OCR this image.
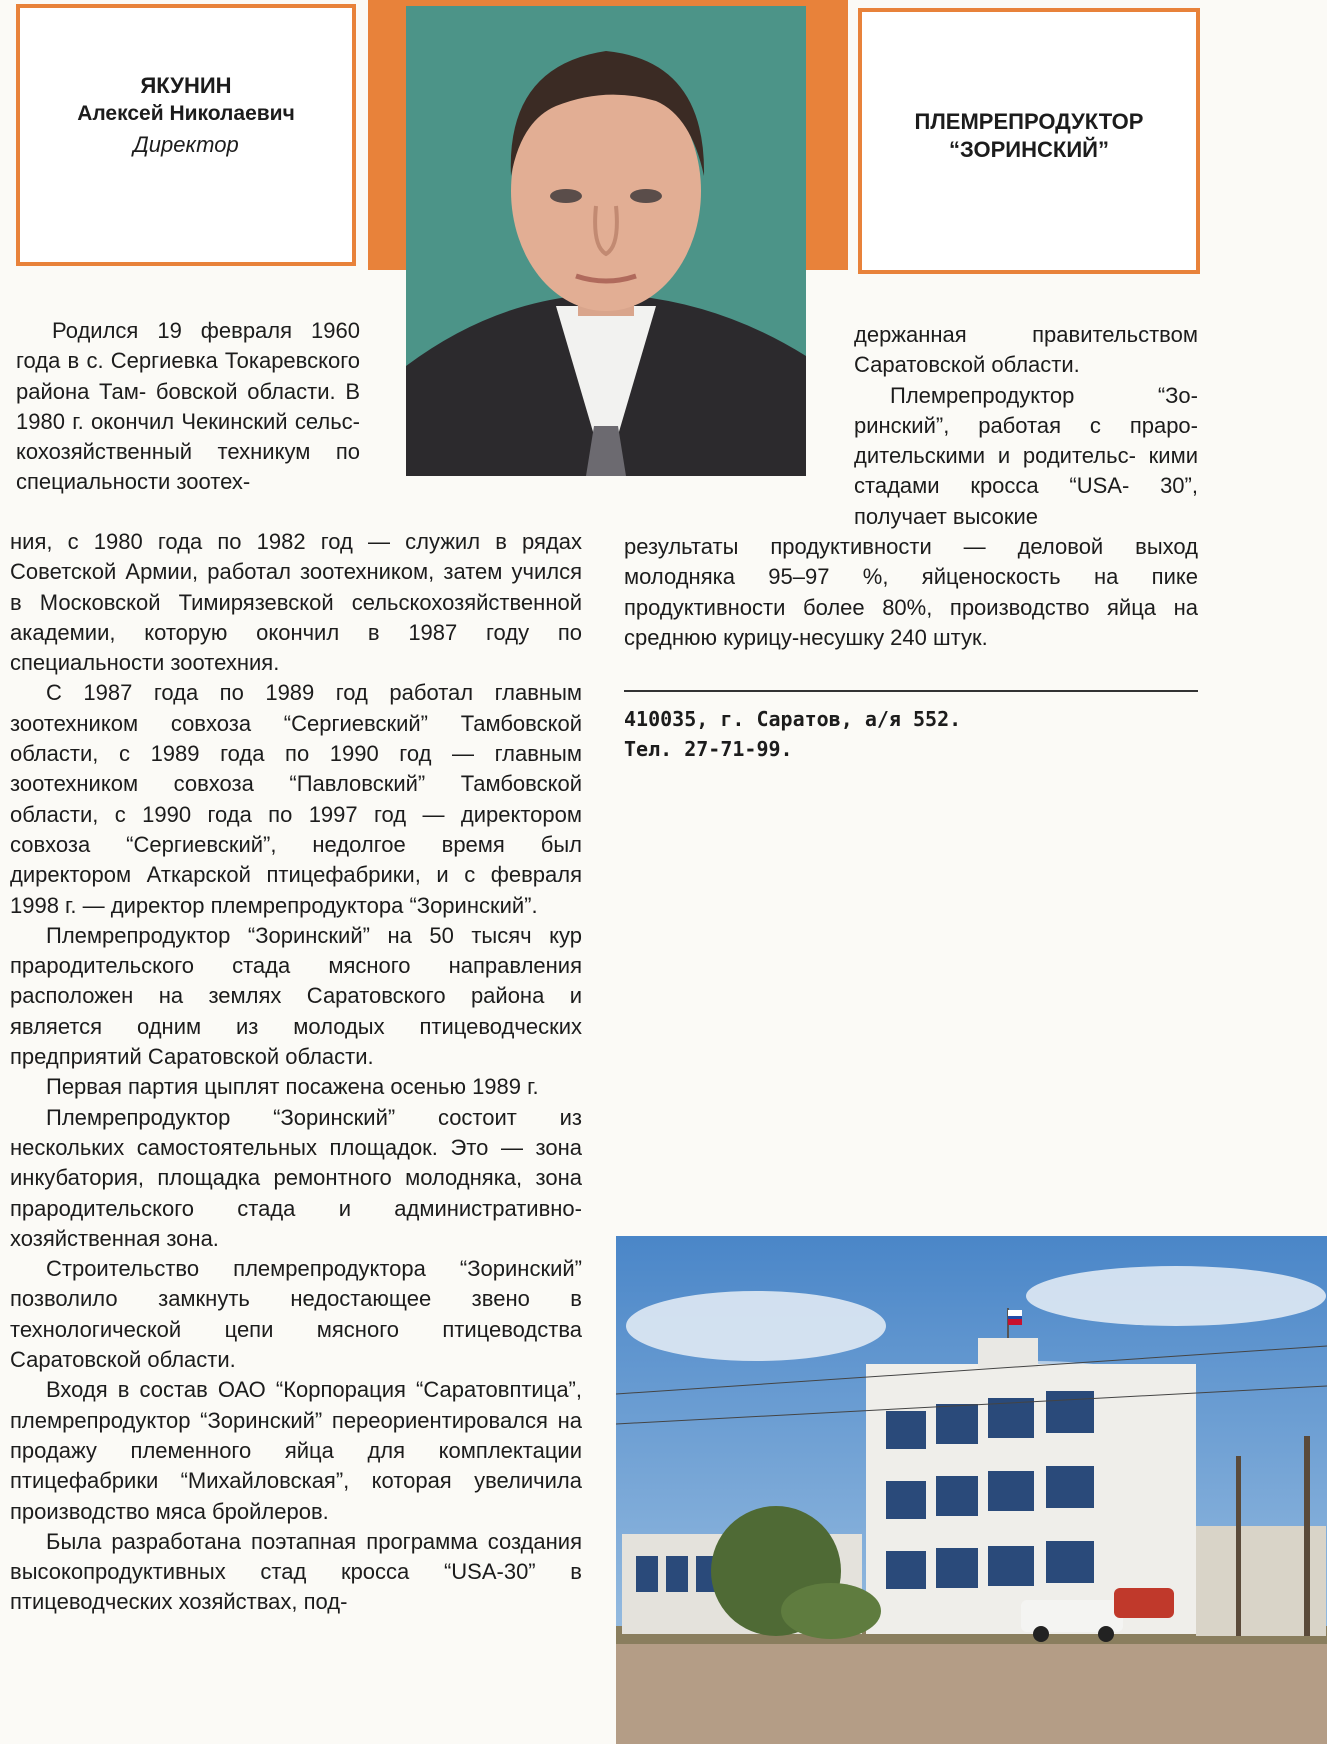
ЯКУНИН
Алексей Николаевич
Директор
ПЛЕМРЕПРОДУКТОР
“ЗОРИНСКИЙ”

Родился 19 февраля 1960 года в с. Сергиевка Токаревского района Там- бовской области. В 1980 г. окончил Чекинский сельс- кохозяйственный техникум по специальности зоотех-

ния, с 1980 года по 1982 год — служил в рядах Советской Армии, работал зоотехником, затем учился в Московской Тимирязевской сельскохозяйственной академии, которую окончил в 1987 году по специальности зоотехния.

С 1987 года по 1989 год работал главным зоотехником совхоза “Сергиевский” Тамбовской области, с 1989 года по 1990 год — главным зоотехником совхоза “Павловский” Тамбовской области, с 1990 года по 1997 год — директором совхоза “Сергиевский”, недолгое время был директором Аткарской птицефабрики, и с февраля 1998 г. — директор племрепродуктора “Зоринский”.

Племрепродуктор “Зоринский” на 50 тысяч кур прародительского стада мясного направления расположен на землях Саратовского района и является одним из молодых птицеводческих предприятий Саратовской области.

Первая партия цыплят посажена осенью 1989 г.

Племрепродуктор “Зоринский” состоит из нескольких самостоятельных площадок. Это — зона инкубатория, площадка ремонтного молодняка, зона прародительского стада и административно-хозяйственная зона.

Строительство племрепродуктора “Зоринский” позволило замкнуть недостающее звено в технологической цепи мясного птицеводства Саратовской области.

Входя в состав ОАО “Корпорация “Саратовптица”, племрепродуктор “Зоринский” переориентировался на продажу племенного яйца для комплектации птицефабрики “Михайловская”, которая увеличила производство мяса бройлеров.

Была разработана поэтапная программа создания высокопродуктивных стад кросса “USA-30” в птицеводческих хозяйствах, под-

держанная правительством Саратовской области.

Племрепродуктор “Зо- ринский”, работая с прaро- дительскими и родительс- кими стадами кросса “USA- 30”, получает высокие

результаты продуктивности — деловой выход молодняка 95–97 %, яйценоскость на пике продуктивности более 80%, производство яйца на среднюю курицу-несушку 240 штук.

410035, г. Саратов, а/я 552.
Тел. 27-71-99.
